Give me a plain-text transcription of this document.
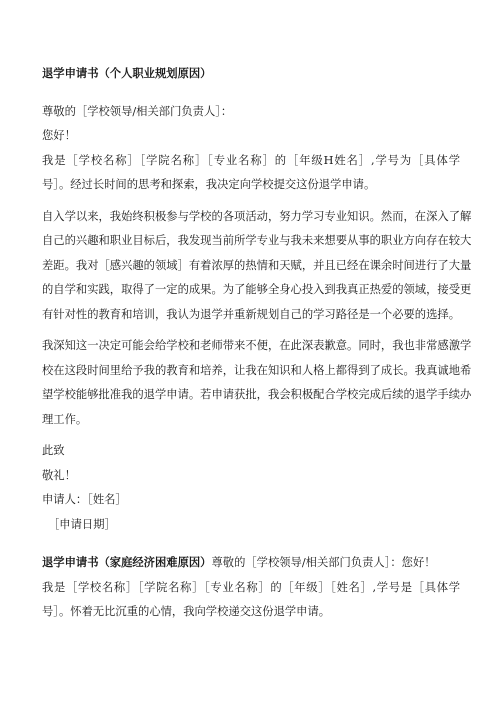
退学申请书（个人职业规划原因）
尊敬的［学校领导/相关部门负责人］：
您好！
我是［学校名称］［学院名称］［专业名称］的［年级H姓名］,学号为［具体学
号］。经过长时间的思考和探索，我决定向学校提交这份退学申请。
自入学以来，我始终积极参与学校的各项活动，努力学习专业知识。然而，在深入了解
自己的兴趣和职业目标后，我发现当前所学专业与我未来想要从事的职业方向存在较大
差距。我对［感兴趣的领域］有着浓厚的热情和天赋，并且已经在课余时间进行了大量
的自学和实践，取得了一定的成果。为了能够全身心投入到我真正热爱的领域，接受更
有针对性的教育和培训，我认为退学并重新规划自己的学习路径是一个必要的选择。
我深知这一决定可能会给学校和老师带来不便，在此深表歉意。同时，我也非常感激学
校在这段时间里给予我的教育和培养，让我在知识和人格上都得到了成长。我真诚地希
望学校能够批准我的退学申请。若申请获批，我会积极配合学校完成后续的退学手续办
理工作。
此致
敬礼！
申请人：［姓名］
［申请日期］
退学申请书（家庭经济困难原因）尊敬的［学校领导/相关部门负责人］：您好！
我是［学校名称］［学院名称］［专业名称］的［年级］［姓名］,学号是［具体学
号］。怀着无比沉重的心情，我向学校递交这份退学申请。
